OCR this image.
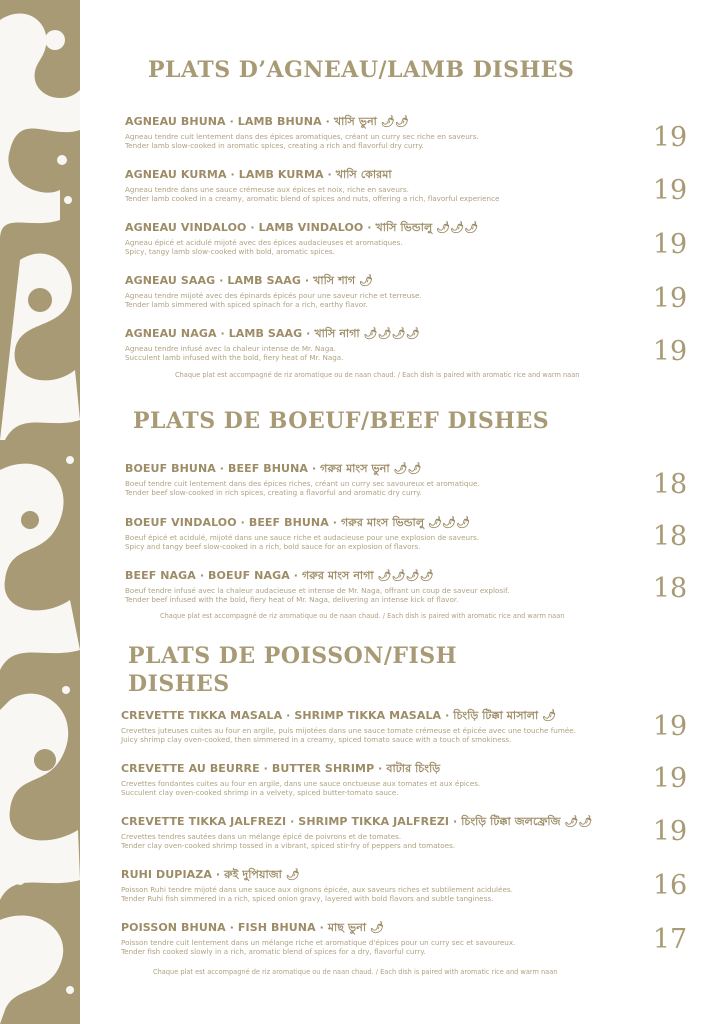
PLATS D’AGNEAU/LAMB DISHES
AGNEAU BHUNA · LAMB BHUNA · খাসি ভুনা 🌶🌶
Agneau tendre cuit lentement dans des épices aromatiques, créant un curry sec riche en saveurs.
Tender lamb slow-cooked in aromatic spices, creating a rich and flavorful dry curry.	19
AGNEAU KURMA · LAMB KURMA · খাসি কোরমা
Agneau tendre dans une sauce crémeuse aux épices et noix, riche en saveurs.
Tender lamb cooked in a creamy, aromatic blend of spices and nuts, offering a rich, flavorful experience	19
AGNEAU VINDALOO · LAMB VINDALOO · খাসি ভিন্ডালু 🌶🌶🌶
Agneau épicé et acidulé mijoté avec des épices audacieuses et aromatiques.
Spicy, tangy lamb slow-cooked with bold, aromatic spices.	19
AGNEAU SAAG · LAMB SAAG · খাসি শাগ 🌶
Agneau tendre mijoté avec des épinards épicés pour une saveur riche et terreuse.
Tender lamb simmered with spiced spinach for a rich, earthy flavor.	19
AGNEAU NAGA · LAMB SAAG · খাসি নাগা 🌶🌶🌶🌶
Agneau tendre infusé avec la chaleur intense de Mr. Naga.
Succulent lamb infused with the bold, fiery heat of Mr. Naga.	19
Chaque plat est accompagné de riz aromatique ou de naan chaud. / Each dish is paired with aromatic rice and warm naan
PLATS DE BOEUF/BEEF DISHES
BOEUF BHUNA · BEEF BHUNA · গরুর মাংস ভুনা 🌶🌶
Boeuf tendre cuit lentement dans des épices riches, créant un curry sec savoureux et aromatique.
Tender beef slow-cooked in rich spices, creating a flavorful and aromatic dry curry.	18
BOEUF VINDALOO · BEEF BHUNA · গরুর মাংস ভিন্ডালু 🌶🌶🌶
Boeuf épicé et acidulé, mijoté dans une sauce riche et audacieuse pour une explosion de saveurs.
Spicy and tangy beef slow-cooked in a rich, bold sauce for an explosion of flavors.	18
BEEF NAGA · BOEUF NAGA · গরুর মাংস নাগা 🌶🌶🌶🌶
Boeuf tendre infusé avec la chaleur audacieuse et intense de Mr. Naga, offrant un coup de saveur explosif.
Tender beef infused with the bold, fiery heat of Mr. Naga, delivering an intense kick of flavor.	18
Chaque plat est accompagné de riz aromatique ou de naan chaud. / Each dish is paired with aromatic rice and warm naan
PLATS DE POISSON/FISH
DISHES
CREVETTE TIKKA MASALA · SHRIMP TIKKA MASALA · চিংড়ি টিক্কা মাসালা 🌶
Crevettes juteuses cuites au four en argile, puis mijotées dans une sauce tomate crémeuse et épicée avec une touche fumée.
Juicy shrimp clay oven-cooked, then simmered in a creamy, spiced tomato sauce with a touch of smokiness.	19
CREVETTE AU BEURRE · BUTTER SHRIMP · বাটার চিংড়ি
Crevettes fondantes cuites au four en argile, dans une sauce onctueuse aux tomates et aux épices.
Succulent clay oven-cooked shrimp in a velvety, spiced butter-tomato sauce.	19
CREVETTE TIKKA JALFREZI · SHRIMP TIKKA JALFREZI · চিংড়ি টিক্কা জলফ্রেজি 🌶🌶
Crevettes tendres sautées dans un mélange épicé de poivrons et de tomates.
Tender clay oven-cooked shrimp tossed in a vibrant, spiced stir-fry of peppers and tomatoes.	19
RUHI DUPIAZA · রুই দুপিয়াজা 🌶
Poisson Ruhi tendre mijoté dans une sauce aux oignons épicée, aux saveurs riches et subtilement acidulées.
Tender Ruhi fish simmered in a rich, spiced onion gravy, layered with bold flavors and subtle tanginess.	16
POISSON BHUNA · FISH BHUNA · মাছ ভুনা 🌶
Poisson tendre cuit lentement dans un mélange riche et aromatique d'épices pour un curry sec et savoureux.
Tender fish cooked slowly in a rich, aromatic blend of spices for a dry, flavorful curry.	17
Chaque plat est accompagné de riz aromatique ou de naan chaud. / Each dish is paired with aromatic rice and warm naan
